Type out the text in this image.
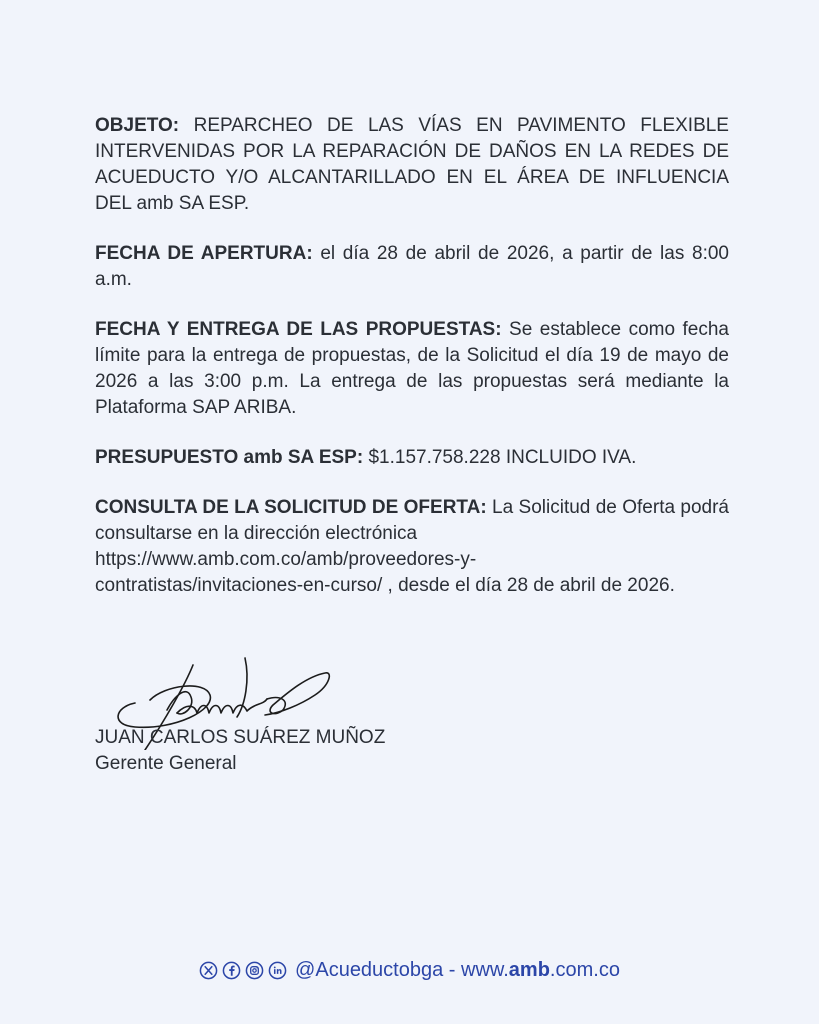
OBJETO: REPARCHEO DE LAS VÍAS EN PAVIMENTO FLEXIBLE INTERVENIDAS POR LA REPARACIÓN DE DAÑOS EN LA REDES DE ACUEDUCTO Y/O ALCANTARILLADO EN EL ÁREA DE INFLUENCIA DEL amb SA ESP.

FECHA DE APERTURA: el día 28 de abril de 2026, a partir de las 8:00 a.m.

FECHA Y ENTREGA DE LAS PROPUESTAS: Se establece como fecha límite para la entrega de propuestas, de la Solicitud el día 19 de mayo de 2026 a las 3:00 p.m. La entrega de las propuestas será mediante la Plataforma SAP ARIBA.

PRESUPUESTO amb SA ESP: $1.157.758.228 INCLUIDO IVA.

CONSULTA DE LA SOLICITUD DE OFERTA: La Solicitud de Oferta podrá consultarse en la dirección electrónica
https://www.amb.com.co/amb/proveedores-y-
contratistas/invitaciones-en-curso/ , desde el día 28 de abril de 2026.

JUAN CARLOS SUÁREZ MUÑOZ
Gerente General
@Acueductobga - www.amb.com.co
